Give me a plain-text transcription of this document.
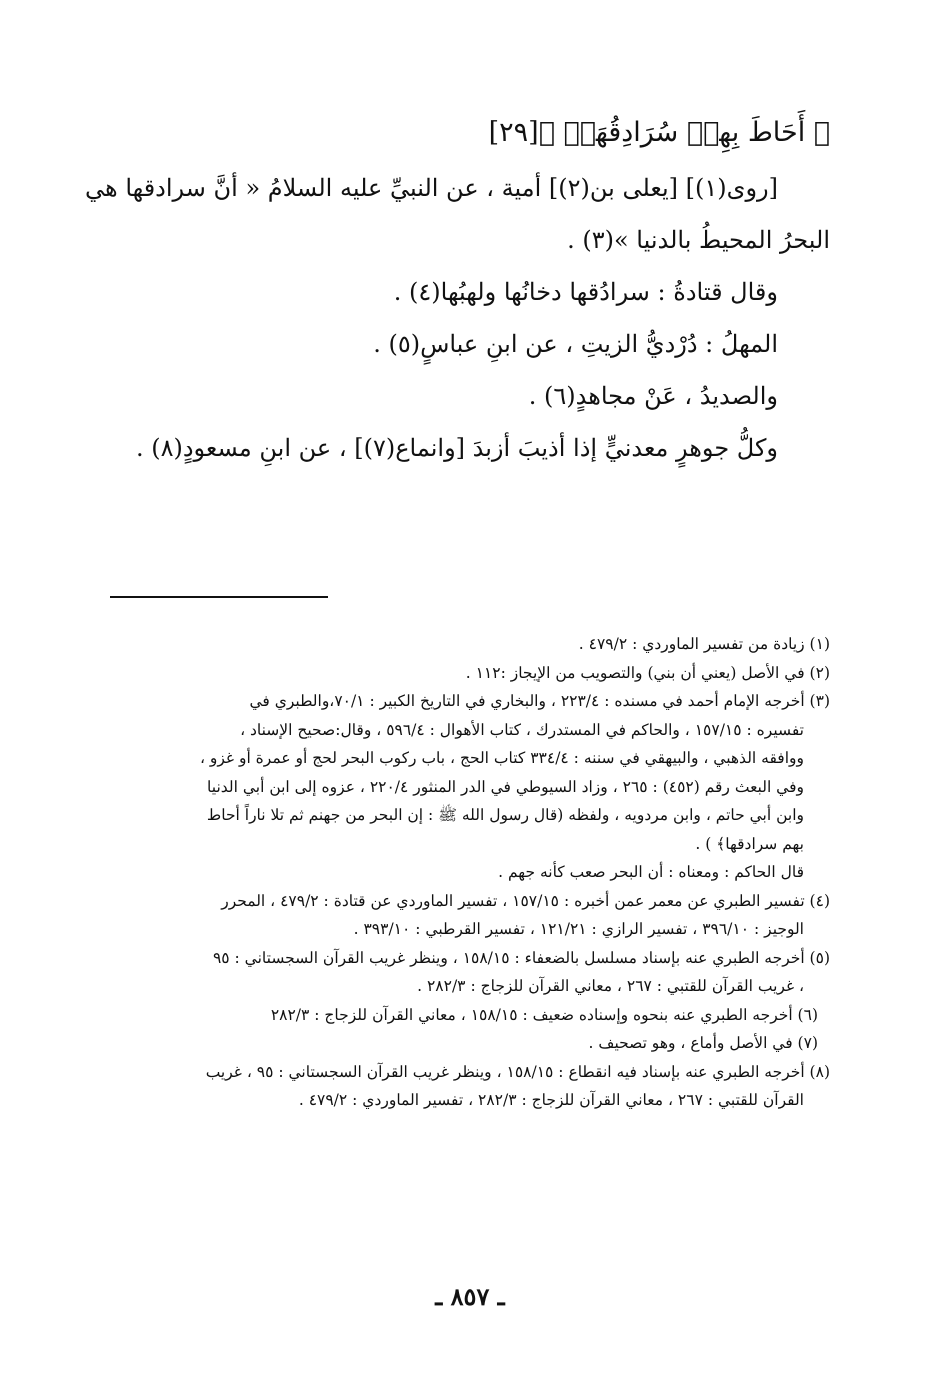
﴿ أَحَاطَ بِهِمۡ سُرَادِقُهَاۚ ﴾[٢٩]
[روى(١)] [يعلى بن(٢)] أمية ، عن النبيِّ عليه السلامُ « أنَّ سرادقها هي
البحرُ المحيطُ بالدنيا »(٣) .
وقال قتادةُ : سرادُقها دخانُها ولهبُها(٤) .
المهلُ : دُرْديُّ الزيتِ ، عن ابنِ عباسٍ(٥) .
والصديدُ ، عَنْ مجاهدٍ(٦) .
وكلُّ جوهرٍ معدنيٍّ إذا أذيبَ أزبدَ [وانماع(٧)] ، عن ابنِ مسعودٍ(٨) .
(١) زيادة من تفسير الماوردي : ٤٧٩/٢ .
(٢) في الأصل (يعني أن بني) والتصويب من الإيجاز :١١٢ .
(٣) أخرجه الإمام أحمد في مسنده : ٢٢٣/٤ ، والبخاري في التاريخ الكبير : ٧٠/١،والطبري في
تفسيره : ١٥٧/١٥ ، والحاكم في المستدرك ، كتاب الأهوال : ٥٩٦/٤ ، وقال:صحيح الإسناد ،
ووافقه الذهبي ، والبيهقي في سننه : ٣٣٤/٤ كتاب الحج ، باب ركوب البحر لحج أو عمرة أو غزو ،
وفي البعث رقم (٤٥٢) : ٢٦٥ ، وزاد السيوطي في الدر المنثور ٢٢٠/٤ ، عزوه إلى ابن أبي الدنيا
وابن أبي حاتم ، وابن مردويه ، ولفظه (قال رسول الله ﷺ : إن البحر من جهنم ثم تلا ناراً أحاط
بهم سرادقها﴾ ) .
قال الحاكم : ومعناه : أن البحر صعب كأنه جهم .
(٤) تفسير الطبري عن معمر عمن أخبره : ١٥٧/١٥ ، تفسير الماوردي عن قتادة : ٤٧٩/٢ ، المحرر
الوجيز : ٣٩٦/١٠ ، تفسير الرازي : ١٢١/٢١ ، تفسير القرطبي : ٣٩٣/١٠ .
(٥) أخرجه الطبري عنه بإسناد مسلسل بالضعفاء : ١٥٨/١٥ ، وينظر غريب القرآن السجستاني : ٩٥
، غريب القرآن للقتبي : ٢٦٧ ، معاني القرآن للزجاج : ٢٨٢/٣ .
(٦) أخرجه الطبري عنه بنحوه وإسناده ضعيف : ١٥٨/١٥ ، معاني القرآن للزجاج : ٢٨٢/٣
(٧) في الأصل وأماع ، وهو تصحيف .
(٨) أخرجه الطبري عنه بإسناد فيه انقطاع : ١٥٨/١٥ ، وينظر غريب القرآن السجستاني : ٩٥ ، غريب
القرآن للقتبي : ٢٦٧ ، معاني القرآن للزجاج : ٢٨٢/٣ ، تفسير الماوردي : ٤٧٩/٢ .
ـ ٨٥٧ ـ
